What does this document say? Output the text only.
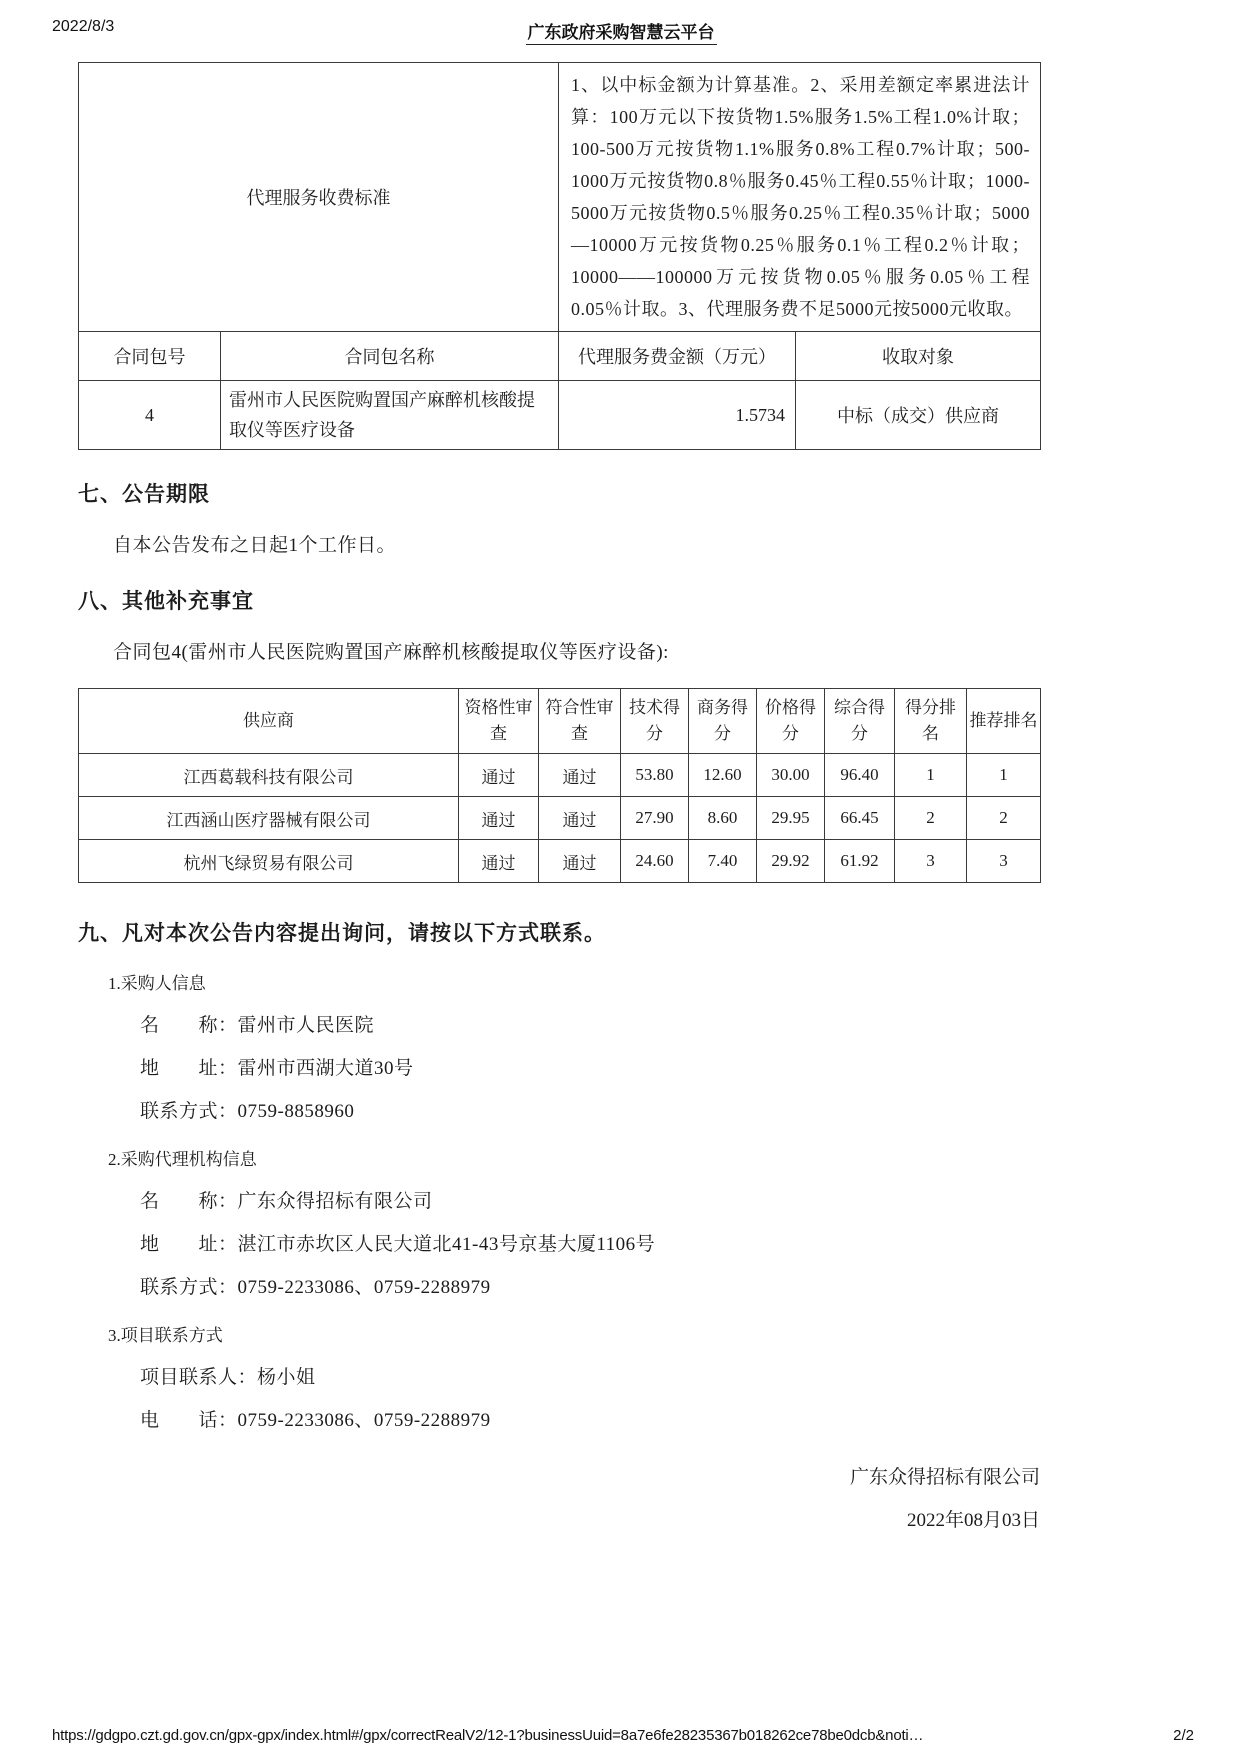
2022/8/3	广东政府采购智慧云平台
代理服务收费标准		1、以中标金额为计算基准。2、采用差额定率累进法计算：100万元以下按货物1.5%服务1.5%工程1.0%计取；100-500万元按货物1.1%服务0.8%工程0.7%计取；500-1000万元按货物0.8％服务0.45％工程0.55％计取；1000-5000万元按货物0.5％服务0.25％工程0.35％计取；5000—10000万元按货物0.25％服务0.1％工程0.2％计取；10000——100000万元按货物0.05％服务0.05％工程0.05％计取。3、代理服务费不足5000元按5000元收取。	
合同包号	合同包名称	代理服务费金额（万元）	收取对象
4	雷州市人民医院购置国产麻醉机核酸提取仪等医疗设备	1.5734	中标（成交）供应商
七、公告期限
自本公告发布之日起1个工作日。
八、其他补充事宜
合同包4(雷州市人民医院购置国产麻醉机核酸提取仪等医疗设备):
供应商	资格性审查	符合性审查	技术得分	商务得分	价格得分	综合得分	得分排名	推荐排名
江西葛载科技有限公司	通过	通过	53.80	12.60	30.00	96.40	1	1
江西涵山医疗器械有限公司	通过	通过	27.90	8.60	29.95	66.45	2	2
杭州飞绿贸易有限公司	通过	通过	24.60	7.40	29.92	61.92	3	3
九、凡对本次公告内容提出询问，请按以下方式联系。
1.采购人信息
名　　称：雷州市人民医院
地　　址：雷州市西湖大道30号
联系方式：0759-8858960
2.采购代理机构信息
名　　称：广东众得招标有限公司
地　　址：湛江市赤坎区人民大道北41-43号京基大厦1106号
联系方式：0759-2233086、0759-2288979
3.项目联系方式
项目联系人：杨小姐
电　　话：0759-2233086、0759-2288979
广东众得招标有限公司
2022年08月03日
https://gdgpo.czt.gd.gov.cn/gpx-gpx/index.html#/gpx/correctRealV2/12-1?businessUuid=8a7e6fe28235367b018262ce78be0dcb&noti…	2/2
